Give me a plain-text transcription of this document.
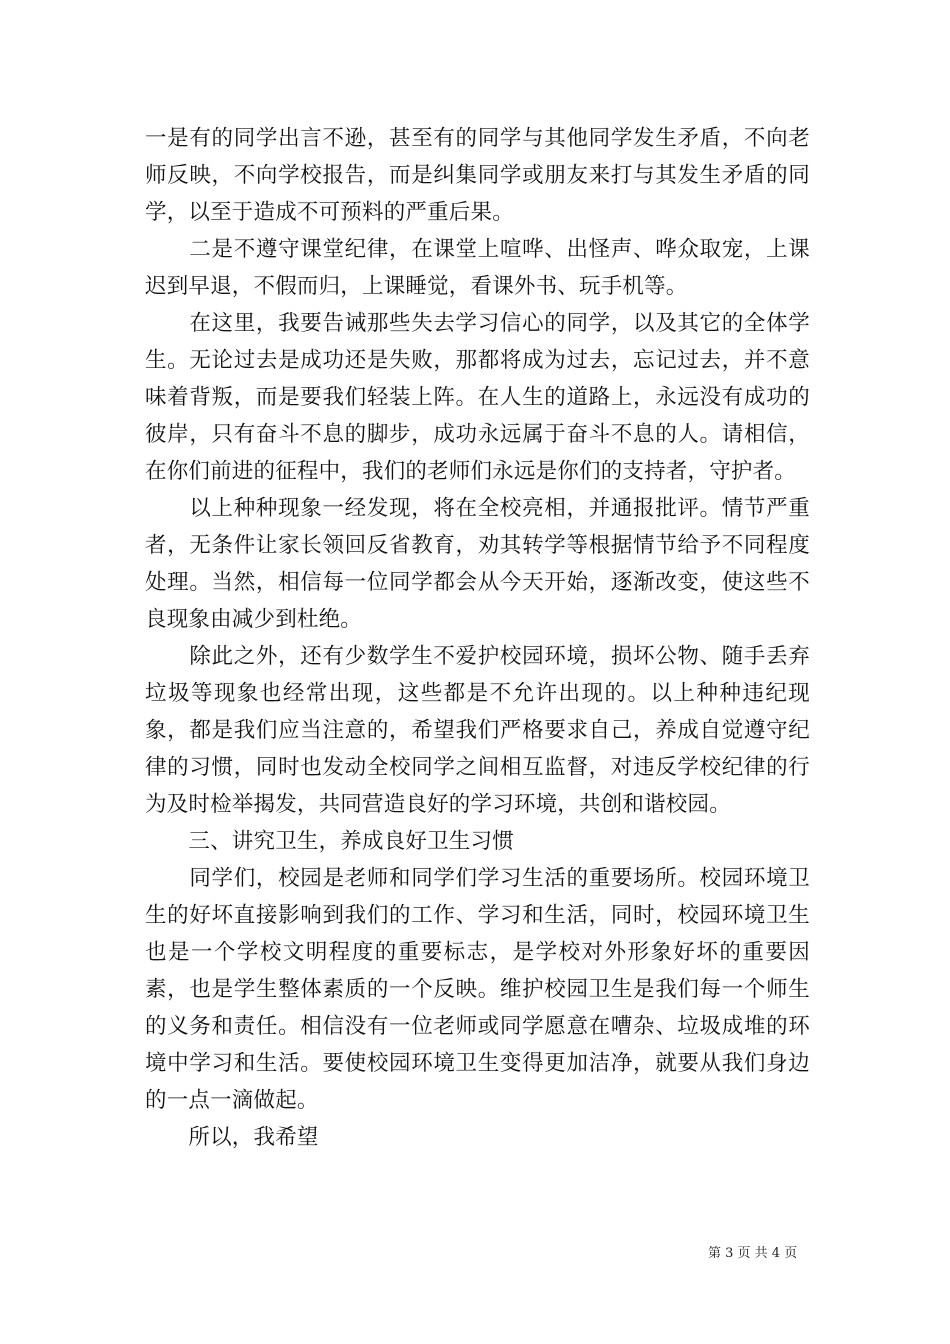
一是有的同学出言不逊，甚至有的同学与其他同学发生矛盾，不向老师反映，不向学校报告，而是纠集同学或朋友来打与其发生矛盾的同学，以至于造成不可预料的严重后果。

　　二是不遵守课堂纪律，在课堂上喧哗、出怪声、哗众取宠，上课迟到早退，不假而归，上课睡觉，看课外书、玩手机等。

　　在这里，我要告诫那些失去学习信心的同学，以及其它的全体学生。无论过去是成功还是失败，那都将成为过去，忘记过去，并不意味着背叛，而是要我们轻装上阵。在人生的道路上，永远没有成功的彼岸，只有奋斗不息的脚步，成功永远属于奋斗不息的人。请相信，在你们前进的征程中，我们的老师们永远是你们的支持者，守护者。

　　以上种种现象一经发现，将在全校亮相，并通报批评。情节严重者，无条件让家长领回反省教育，劝其转学等根据情节给予不同程度处理。当然，相信每一位同学都会从今天开始，逐渐改变，使这些不良现象由减少到杜绝。

　　除此之外，还有少数学生不爱护校园环境，损坏公物、随手丢弃垃圾等现象也经常出现，这些都是不允许出现的。以上种种违纪现象，都是我们应当注意的，希望我们严格要求自己，养成自觉遵守纪律的习惯，同时也发动全校同学之间相互监督，对违反学校纪律的行为及时检举揭发，共同营造良好的学习环境，共创和谐校园。

　　三、讲究卫生，养成良好卫生习惯

　　同学们，校园是老师和同学们学习生活的重要场所。校园环境卫生的好坏直接影响到我们的工作、学习和生活，同时，校园环境卫生也是一个学校文明程度的重要标志，是学校对外形象好坏的重要因素，也是学生整体素质的一个反映。维护校园卫生是我们每一个师生的义务和责任。相信没有一位老师或同学愿意在嘈杂、垃圾成堆的环境中学习和生活。要使校园环境卫生变得更加洁净，就要从我们身边的一点一滴做起。

　　所以，我希望

第 3 页 共 4 页
